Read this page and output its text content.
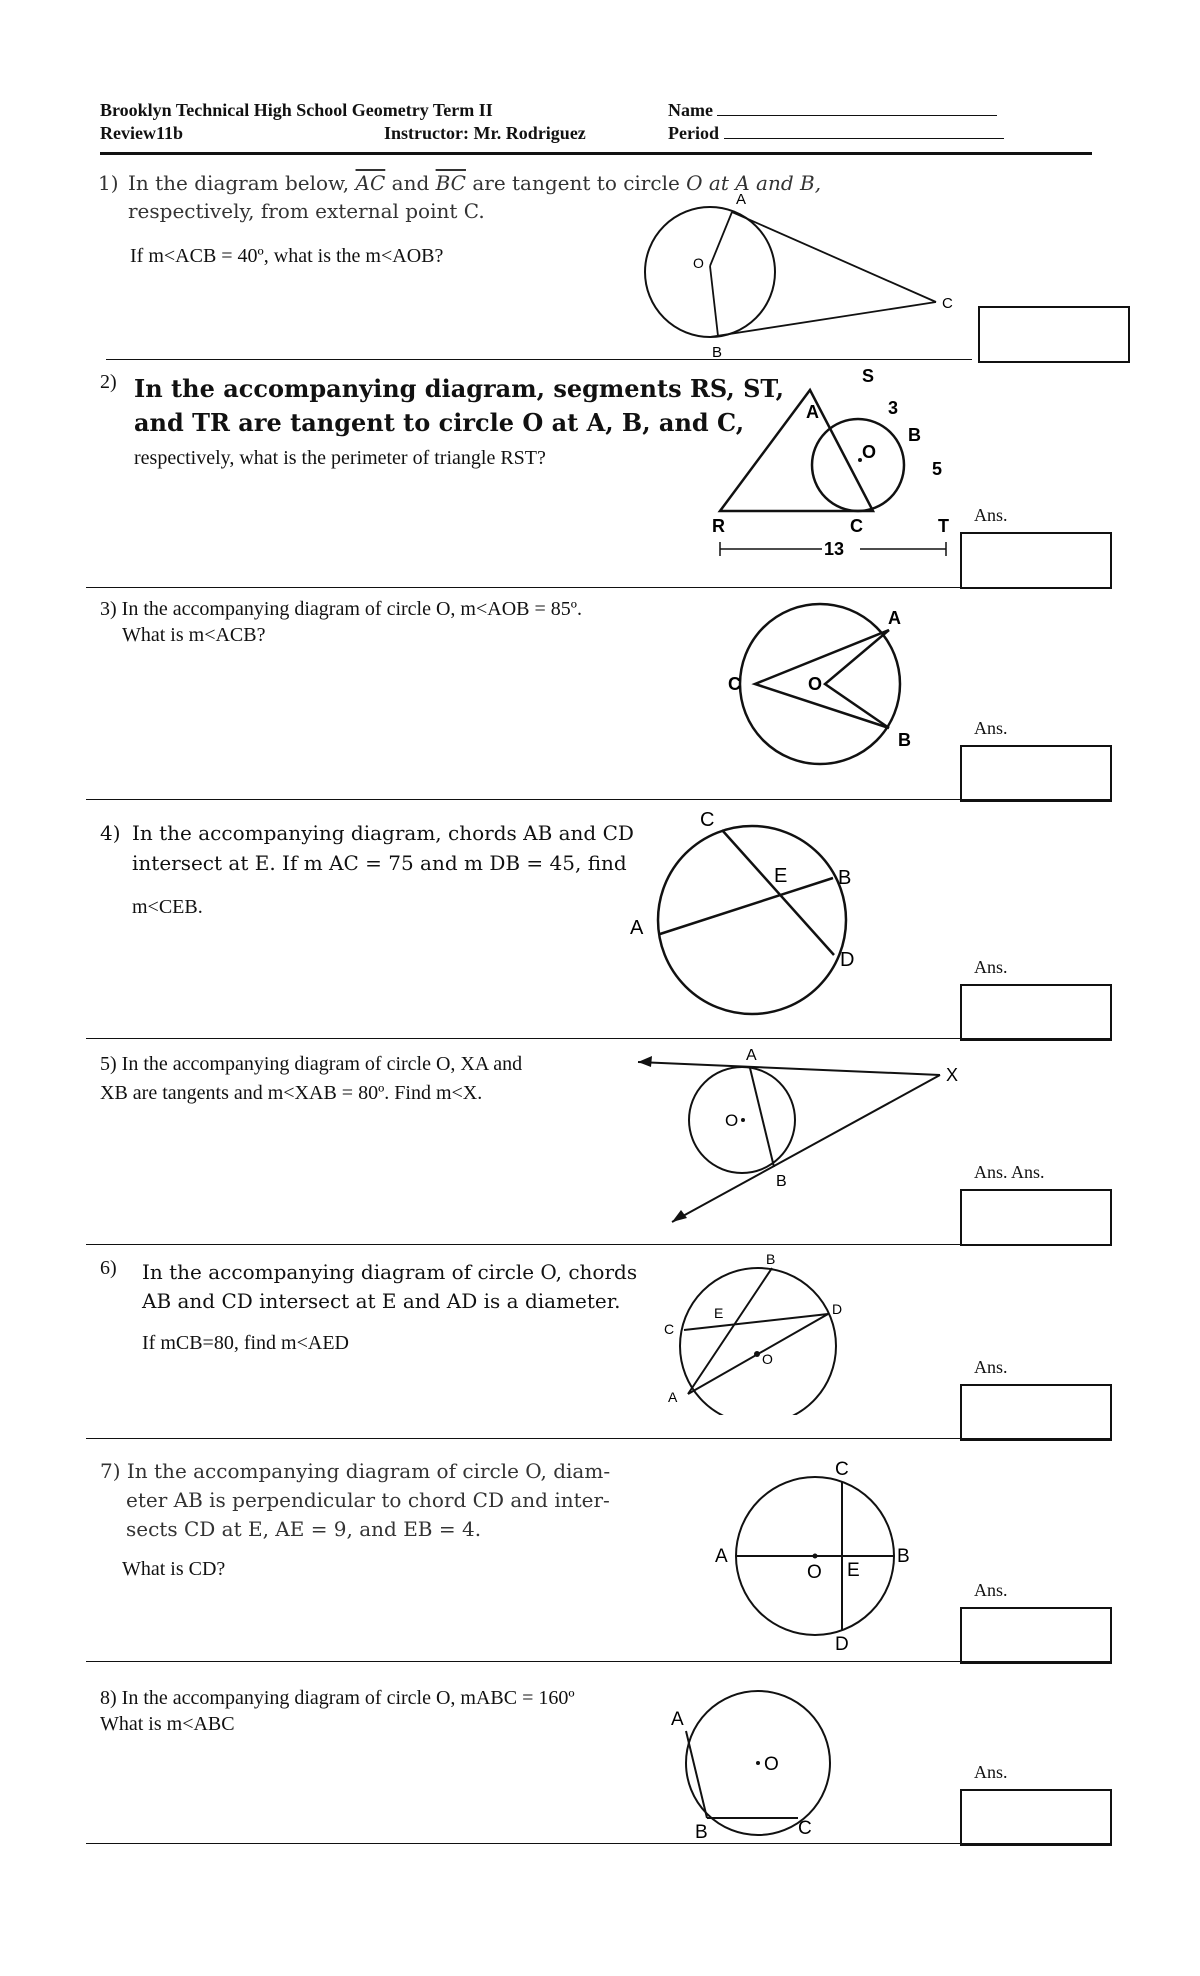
Brooklyn Technical High School Geometry Term II
Review11b	Instructor: Mr. Rodriguez
Name
Period
1) In the diagram below, $\overline{AC}$ and $\overline{BC}$ are tangent to circle O at A and B,
respectively, from external point C.
If m<ACB = 40º, what is the m<AOB?
A
O
B
C
2) In the accompanying diagram, segments RS, ST,
and TR are tangent to circle O at A, B, and C,
respectively, what is the perimeter of triangle RST?
S
A	3
B
O
5
R	C	T
13
Ans.
3) In the accompanying diagram of circle O, m<AOB = 85º.
What is m<ACB?
A
C	O
B
Ans.
4) In the accompanying diagram, chords AB and CD
intersect at E. If m AC = 75 and m DB = 45, find
m<CEB.
C
E	B
A
D	Ans.
5) In the accompanying diagram of circle O, XA and
XB are tangents and m<XAB = 80º. Find m<X.
A
X
O
B	Ans. Ans.
6) In the accompanying diagram of circle O, chords
AB and CD intersect at E and AD is a diameter.
If mCB=80, find m<AED
B
E	D
C
O
A
Ans.
7) In the accompanying diagram of circle O, diam-
eter AB is perpendicular to chord CD and inter-
sects CD at E, AE = 9, and EB = 4.
What is CD?
C
A
O E
B
D
Ans.
8) In the accompanying diagram of circle O, mABC = 160º
What is m<ABC	A
O
B	C
Ans.
